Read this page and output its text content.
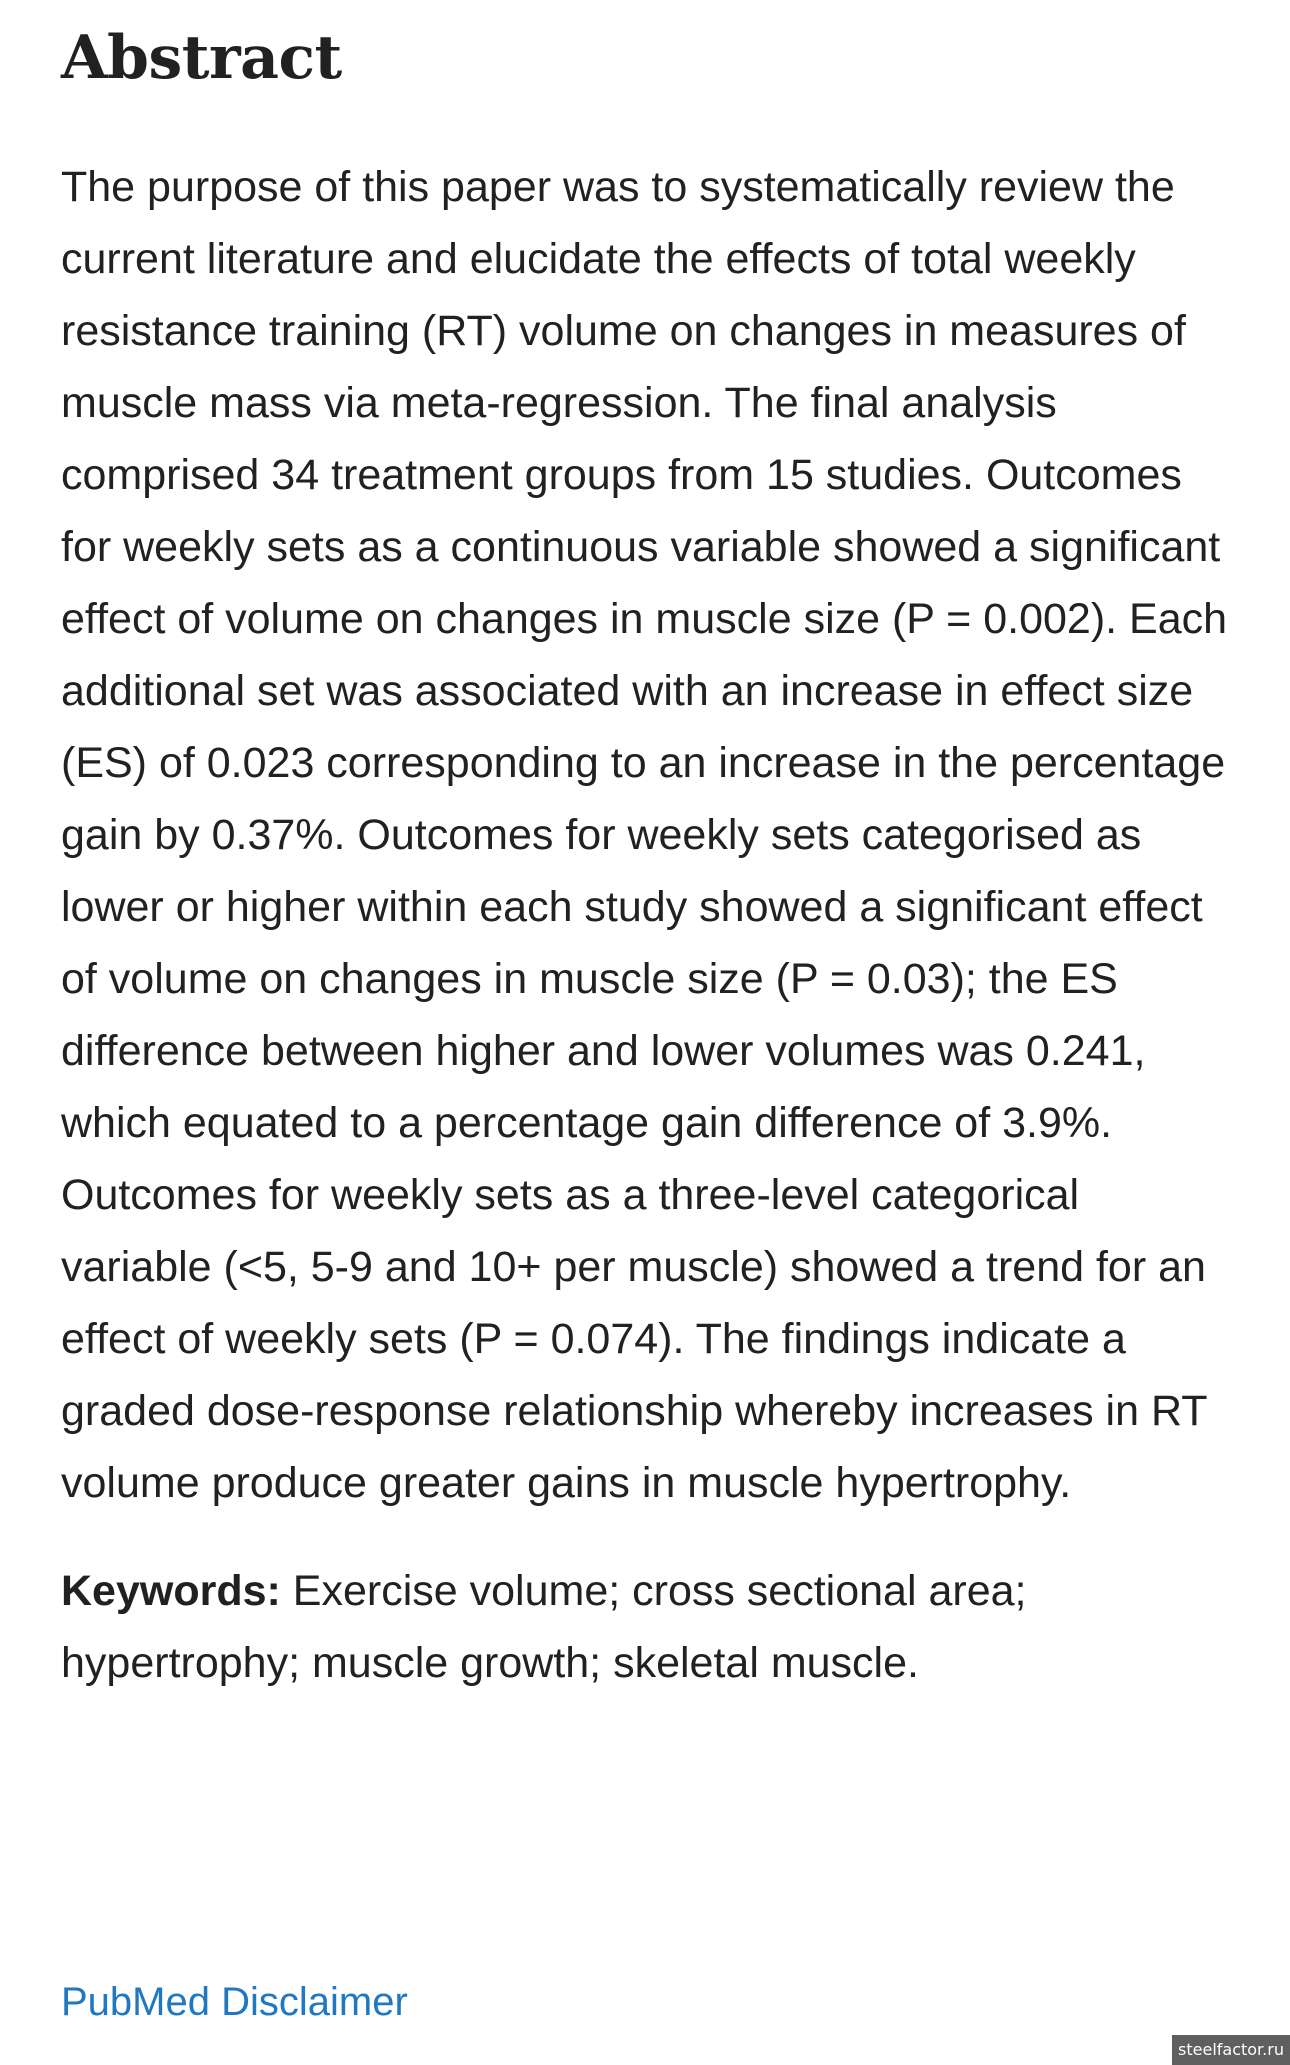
Abstract

The purpose of this paper was to systematically review the current literature and elucidate the effects of total weekly resistance training (RT) volume on changes in measures of muscle mass via meta-regression. The final analysis comprised 34 treatment groups from 15 studies. Outcomes for weekly sets as a continuous variable showed a significant effect of volume on changes in muscle size (P = 0.002). Each additional set was associated with an increase in effect size (ES) of 0.023 corresponding to an increase in the percentage gain by 0.37%. Outcomes for weekly sets categorised as lower or higher within each study showed a significant effect of volume on changes in muscle size (P = 0.03); the ES difference between higher and lower volumes was 0.241, which equated to a percentage gain difference of 3.9%. Outcomes for weekly sets as a three-level categorical variable (<5, 5-9 and 10+ per muscle) showed a trend for an effect of weekly sets (P = 0.074). The findings indicate a graded dose-response relationship whereby increases in RT volume produce greater gains in muscle hypertrophy.

Keywords: Exercise volume; cross sectional area; hypertrophy; muscle growth; skeletal muscle.

PubMed Disclaimer
steelfactor.ru
